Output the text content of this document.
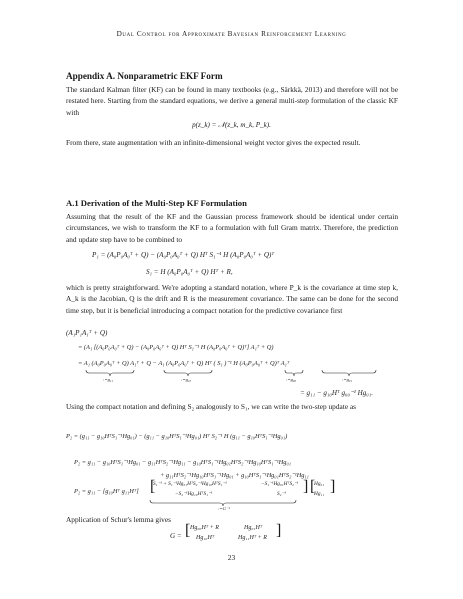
Dual Control for Approximate Bayesian Reinforcement Learning
Appendix A. Nonparametric EKF Form
The standard Kalman filter (KF) can be found in many textbooks (e.g., Särkkä, 2013) and therefore will not be restated here. Starting from the standard equations, we derive a general multi-step formulation of the classic KF with
p(z_k) = 𝒩(z_k, m_k, P_k).
From there, state augmentation with an infinite-dimensional weight vector gives the expected result.
A.1 Derivation of the Multi-Step KF Formulation
Assuming that the result of the KF and the Gaussian process framework should be identical under certain circumstances, we wish to transform the KF to a formulation with full Gram matrix. Therefore, the prediction and update step have to be combined to
P₁ = (A₀P₀A₀ᵀ + Q) − (A₀P₀A₀ᵀ + Q) Hᵀ S₁⁻¹ H (A₀P₀A₀ᵀ + Q)ᵀ
S₁ = H (A₀P₀A₀ᵀ + Q) Hᵀ + R,
which is pretty straightforward. We're adopting a standard notation, where P_k is the covariance at time step k, A_k is the Jacobian, Q is the drift and R is the measurement covariance. The same can be done for the second time step, but it is beneficial introducing a compact notation for the predictive covariance first
(A₁P₁A₁ᵀ + Q)
= (A₁ [(A₀P₀A₀ᵀ + Q) − (A₀P₀A₀ᵀ + Q) Hᵀ S₁⁻¹ H (A₀P₀A₀ᵀ + Q)ᵀ] A₁ᵀ + Q)
= A₁ (A₀P₀A₀ᵀ + Q) A₁ᵀ + Q − A₁ (A₀P₀A₀ᵀ + Q) Hᵀ ( S₁ )⁻¹ H (A₀P₀A₀ᵀ + Q)ᵀ A₁ᵀ
:=g₁₁	:=g₁₀	:=g₀₀	:=g₀₁
= g₁₁ − g₁₀Hᵀ g₀₀⁻¹ Hg₀₁.
Using the compact notation and defining S₂ analogously to S₁, we can write the two-step update as
P₂ = (g₁₁ − g₁₀HᵀS₁⁻¹Hg₀₁) − (g₁₁ − g₁₀HᵀS₁⁻¹Hg₀₁) Hᵀ S₂⁻¹ H (g₁₁ − g₁₀HᵀS₁⁻¹Hg₀₁)
P₂ = g₁₁ − g₁₀HᵀS₁⁻¹Hg₀₁ − g₁₁HᵀS₂⁻¹Hg₁₁ − g₁₀HᵀS₁⁻¹Hg₀₁HᵀS₂⁻¹Hg₁₀HᵀS₁⁻¹Hg₀₁
+ g₁₁HᵀS₂⁻¹Hg₁₀HᵀS₁⁻¹Hg₀₁ + g₁₀HᵀS₁⁻¹Hg₀₁HᵀS₂⁻¹Hg₁₁
P₂ = g₁₁ − [g₁₀Hᵀ g₁₁Hᵀ] [
S₁⁻¹ + S₁⁻¹Hg₀₁HᵀS₂⁻¹Hg₁₀HᵀS₁⁻¹	−S₁⁻¹Hg₀₁HᵀS₂⁻¹
−S₂⁻¹Hg₁₀HᵀS₁⁻¹	S₂⁻¹ ] [
Hg₀₁
Hg₁₁ ]
:=G⁻¹
Application of Schur's lemma gives
G = [ Hg₀₀Hᵀ + R	Hg₀₁Hᵀ
Hg₁₀Hᵀ	Hg₁₁Hᵀ + R ]
23
